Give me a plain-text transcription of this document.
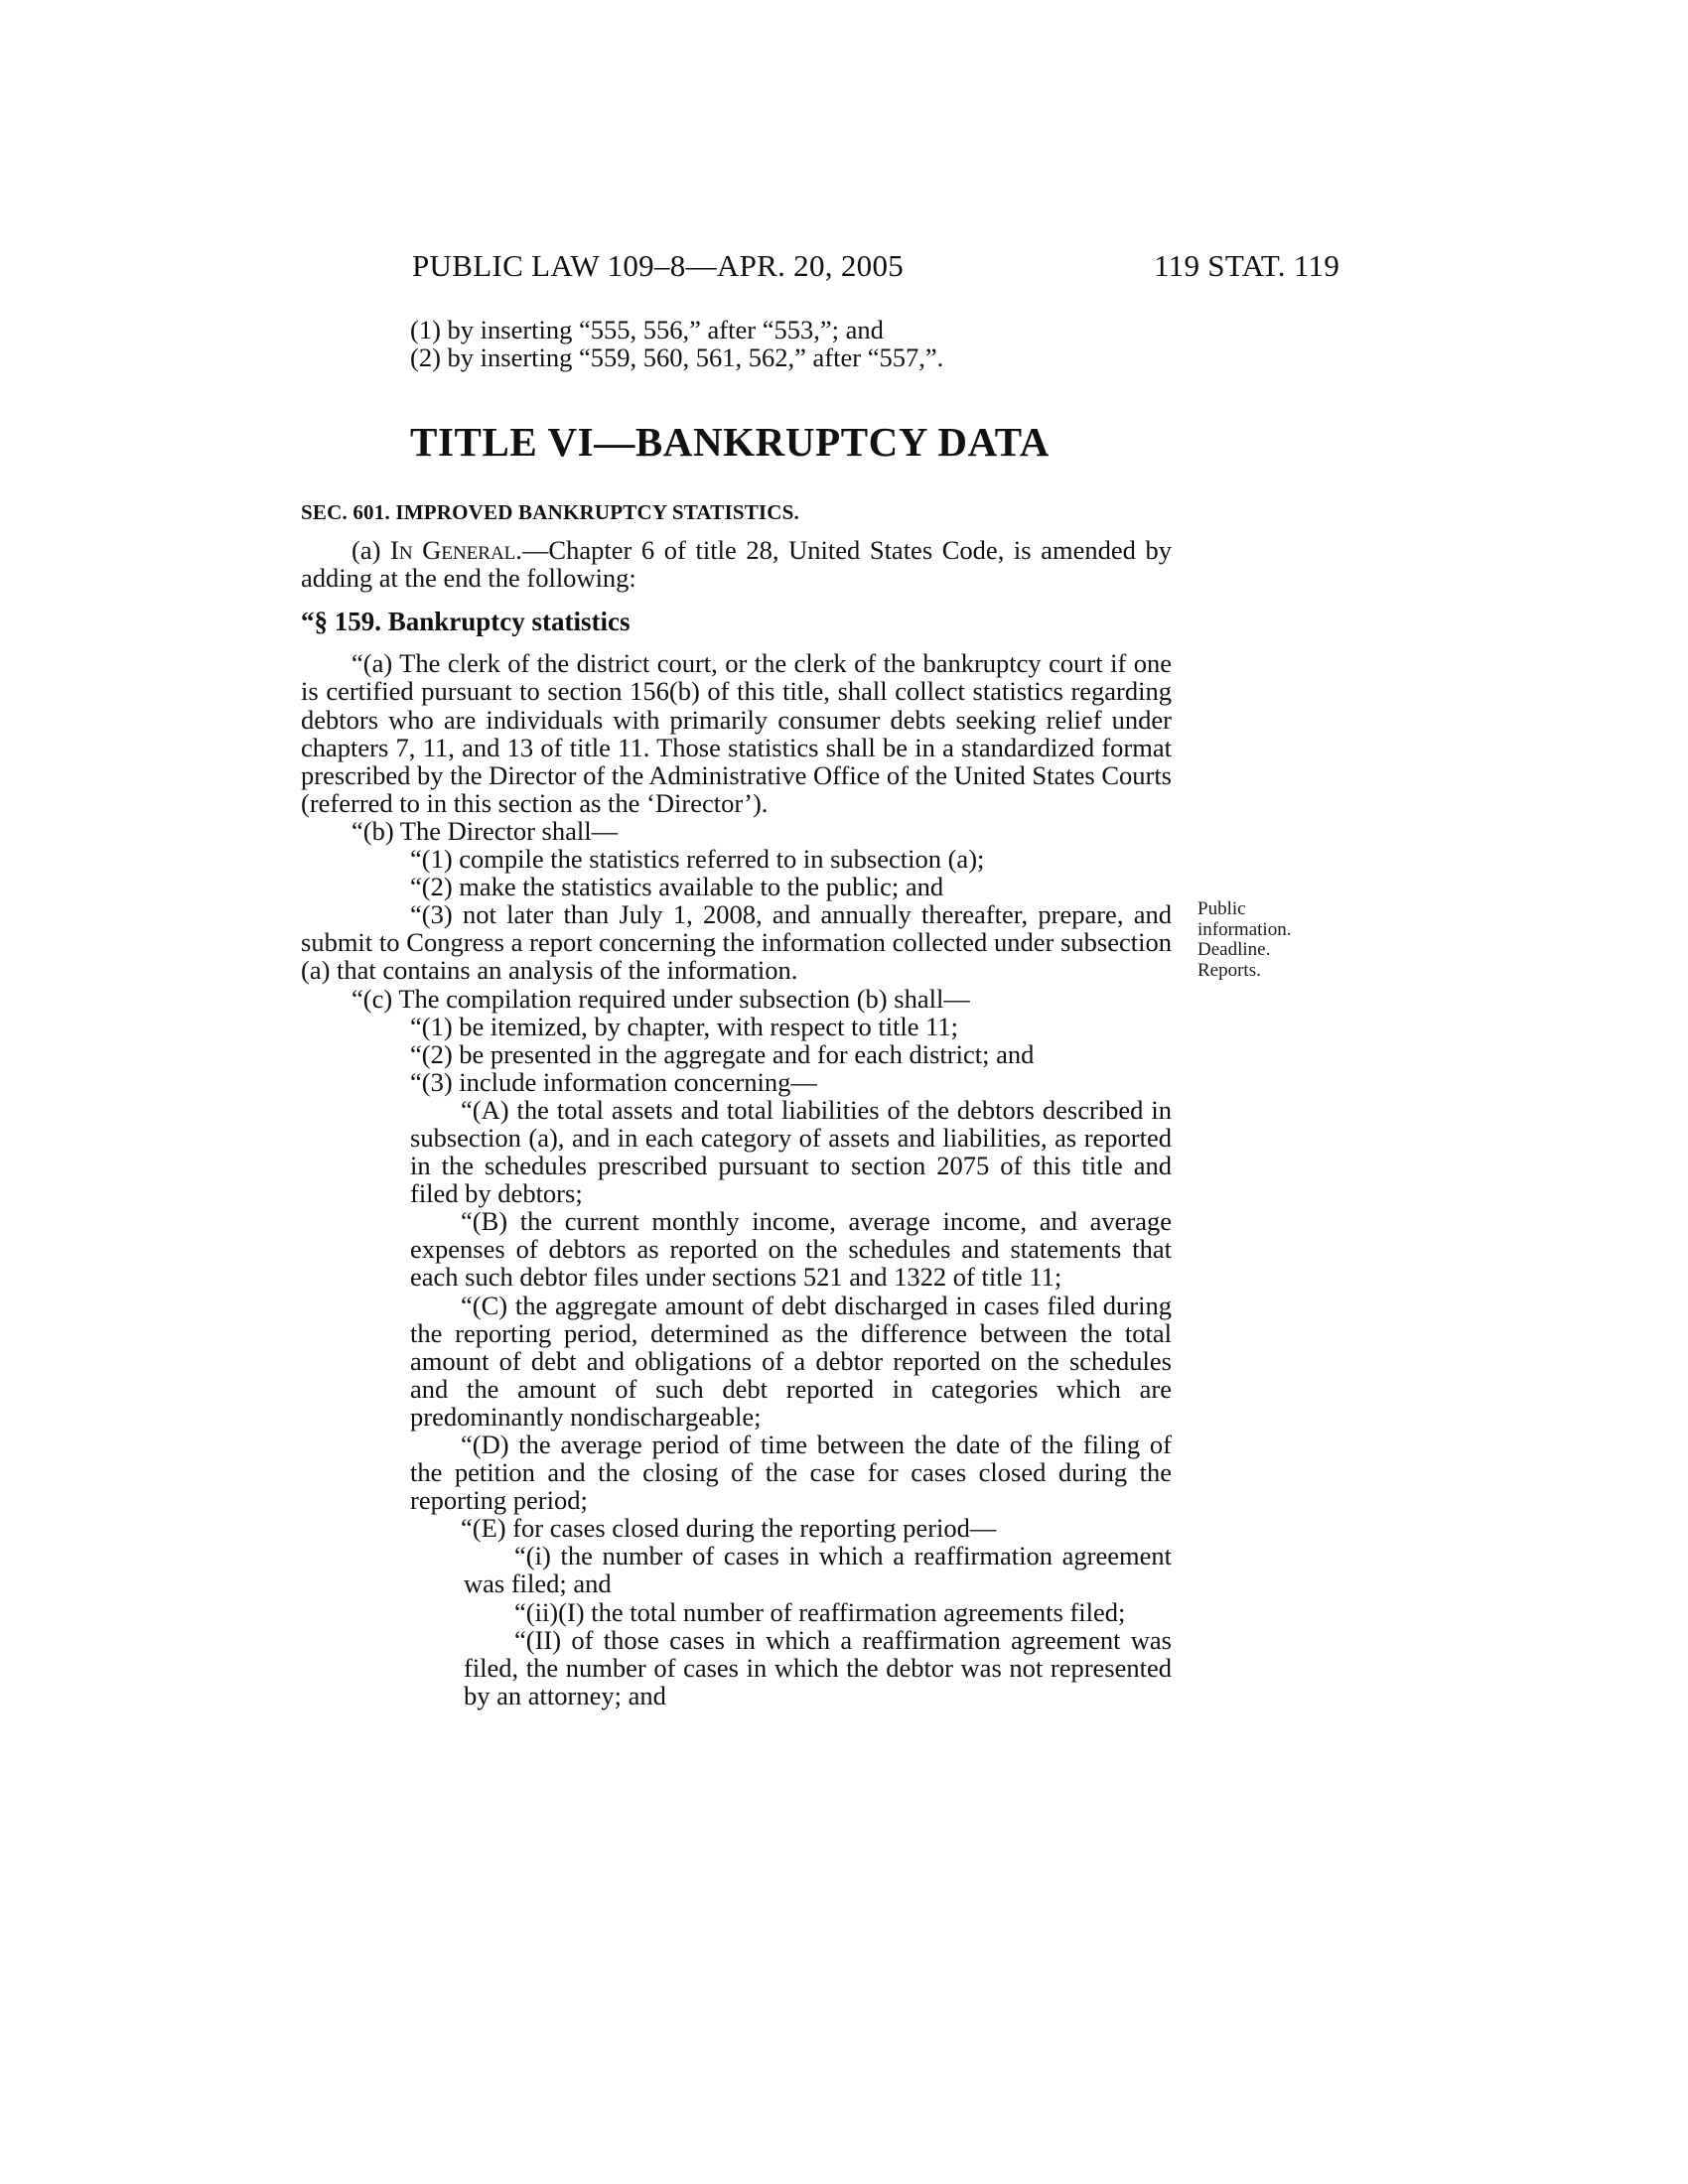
PUBLIC LAW 109–8—APR. 20, 2005	119 STAT. 119

(1) by inserting “555, 556,” after “553,”; and

(2) by inserting “559, 560, 561, 562,” after “557,”.

TITLE VI—BANKRUPTCY DATA
SEC. 601. IMPROVED BANKRUPTCY STATISTICS.

(a) In General.—Chapter 6 of title 28, United States Code, is amended by adding at the end the following:

“§ 159. Bankruptcy statistics

“(a) The clerk of the district court, or the clerk of the bankruptcy court if one is certified pursuant to section 156(b) of this title, shall collect statistics regarding debtors who are individuals with primarily consumer debts seeking relief under chapters 7, 11, and 13 of title 11. Those statistics shall be in a standardized format prescribed by the Director of the Administrative Office of the United States Courts (referred to in this section as the ‘Director’).

“(b) The Director shall—

“(1) compile the statistics referred to in subsection (a);

“(2) make the statistics available to the public; and

“(3) not later than July 1, 2008, and annually thereafter, prepare, and submit to Congress a report concerning the information collected under subsection (a) that contains an analysis of the information.

“(c) The compilation required under subsection (b) shall—

“(1) be itemized, by chapter, with respect to title 11;

“(2) be presented in the aggregate and for each district; and

“(3) include information concerning—

“(A) the total assets and total liabilities of the debtors described in subsection (a), and in each category of assets and liabilities, as reported in the schedules prescribed pursuant to section 2075 of this title and filed by debtors;

“(B) the current monthly income, average income, and average expenses of debtors as reported on the schedules and statements that each such debtor files under sections 521 and 1322 of title 11;

“(C) the aggregate amount of debt discharged in cases filed during the reporting period, determined as the difference between the total amount of debt and obligations of a debtor reported on the schedules and the amount of such debt reported in categories which are predominantly nondischargeable;

“(D) the average period of time between the date of the filing of the petition and the closing of the case for cases closed during the reporting period;

“(E) for cases closed during the reporting period—

“(i) the number of cases in which a reaffirmation agreement was filed; and

“(ii)(I) the total number of reaffirmation agreements filed;

“(II) of those cases in which a reaffirmation agreement was filed, the number of cases in which the debtor was not represented by an attorney; and

Public
information.
Deadline.
Reports.
